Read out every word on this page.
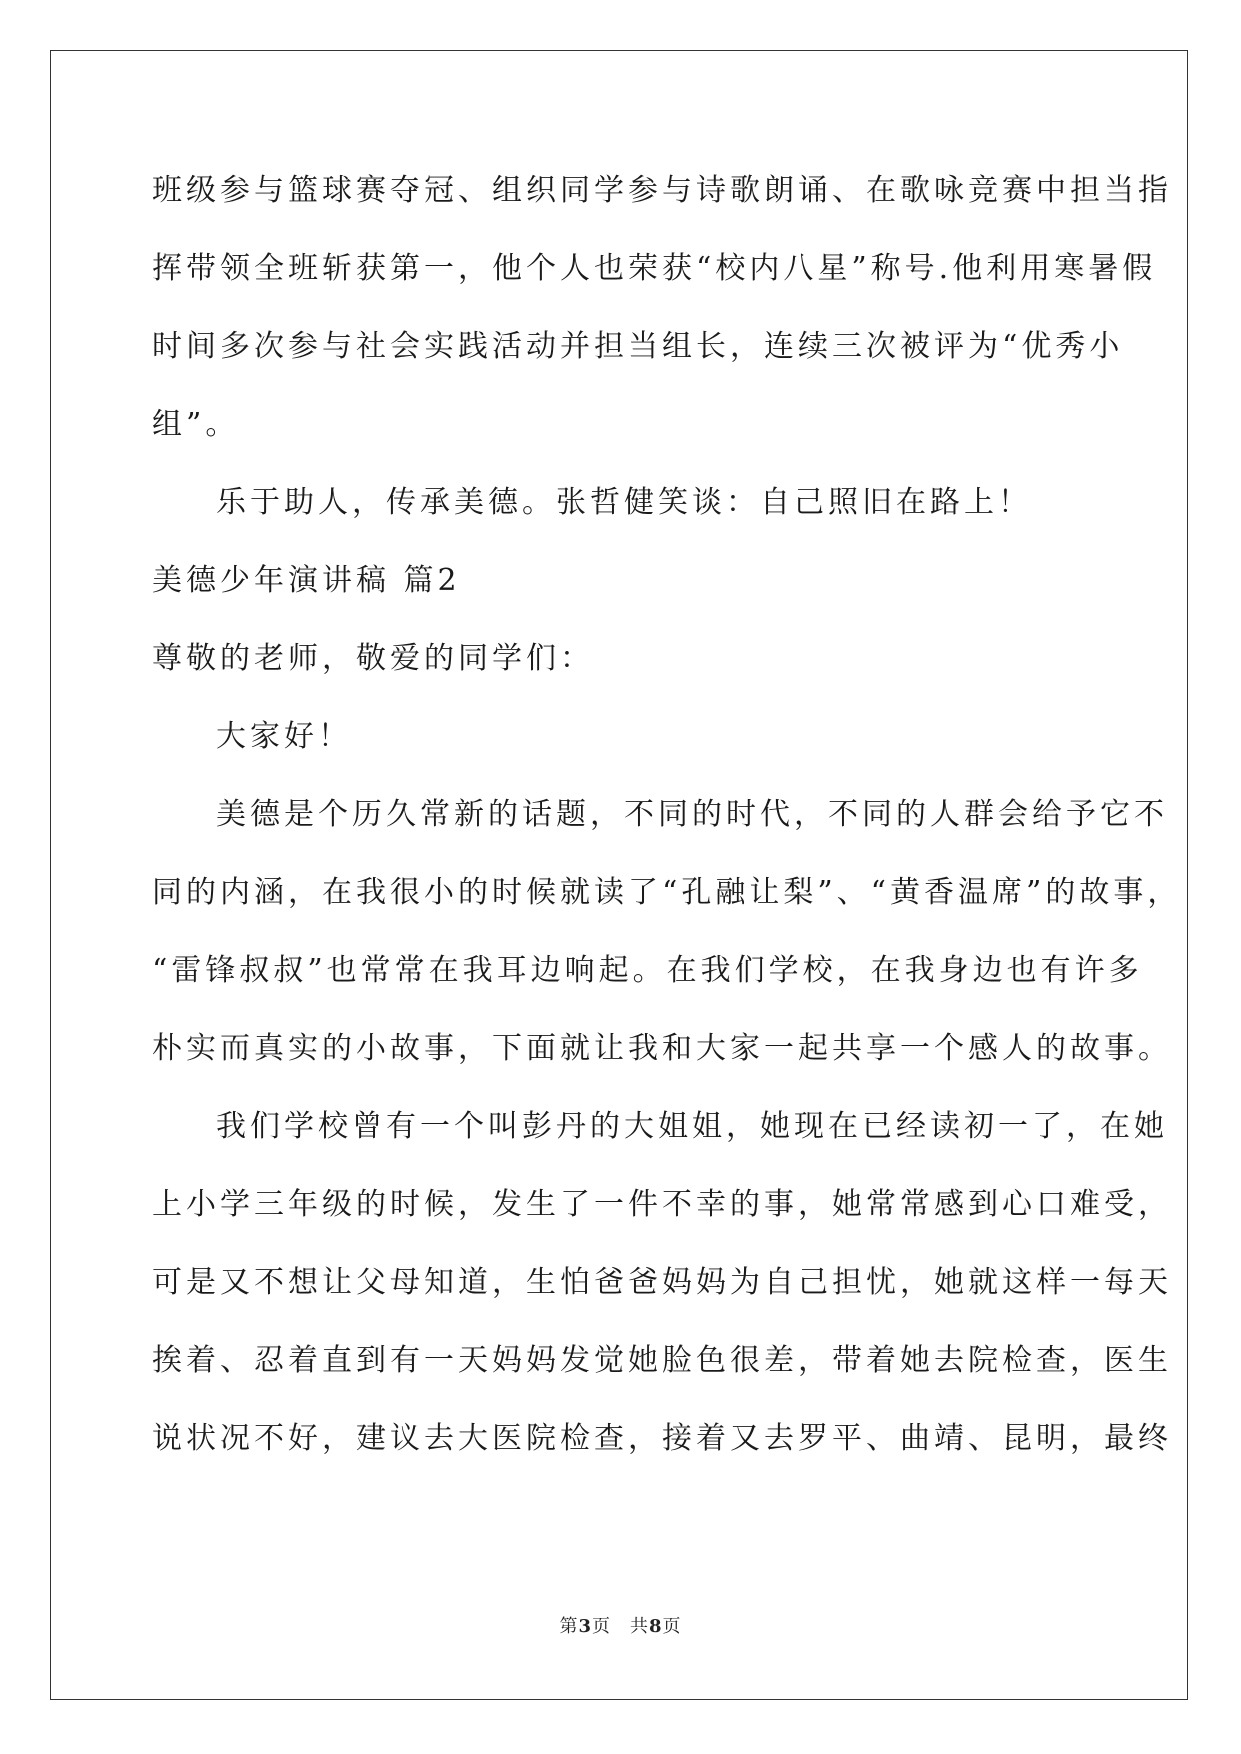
班级参与篮球赛夺冠、组织同学参与诗歌朗诵、在歌咏竞赛中担当指
挥带领全班斩获第一，他个人也荣获“校内八星”称号.他利用寒暑假
时间多次参与社会实践活动并担当组长，连续三次被评为“优秀小
组”。
乐于助人，传承美德。张哲健笑谈：自己照旧在路上！
美德少年演讲稿 篇2
尊敬的老师，敬爱的同学们：
大家好！
美德是个历久常新的话题，不同的时代，不同的人群会给予它不
同的内涵，在我很小的时候就读了“孔融让梨”、“黄香温席”的故事，
“雷锋叔叔”也常常在我耳边响起。在我们学校，在我身边也有许多
朴实而真实的小故事，下面就让我和大家一起共享一个感人的故事。
我们学校曾有一个叫彭丹的大姐姐，她现在已经读初一了，在她
上小学三年级的时候，发生了一件不幸的事，她常常感到心口难受，
可是又不想让父母知道，生怕爸爸妈妈为自己担忧，她就这样一每天
挨着、忍着直到有一天妈妈发觉她脸色很差，带着她去院检查，医生
说状况不好，建议去大医院检查，接着又去罗平、曲靖、昆明，最终
第3页　共8页
